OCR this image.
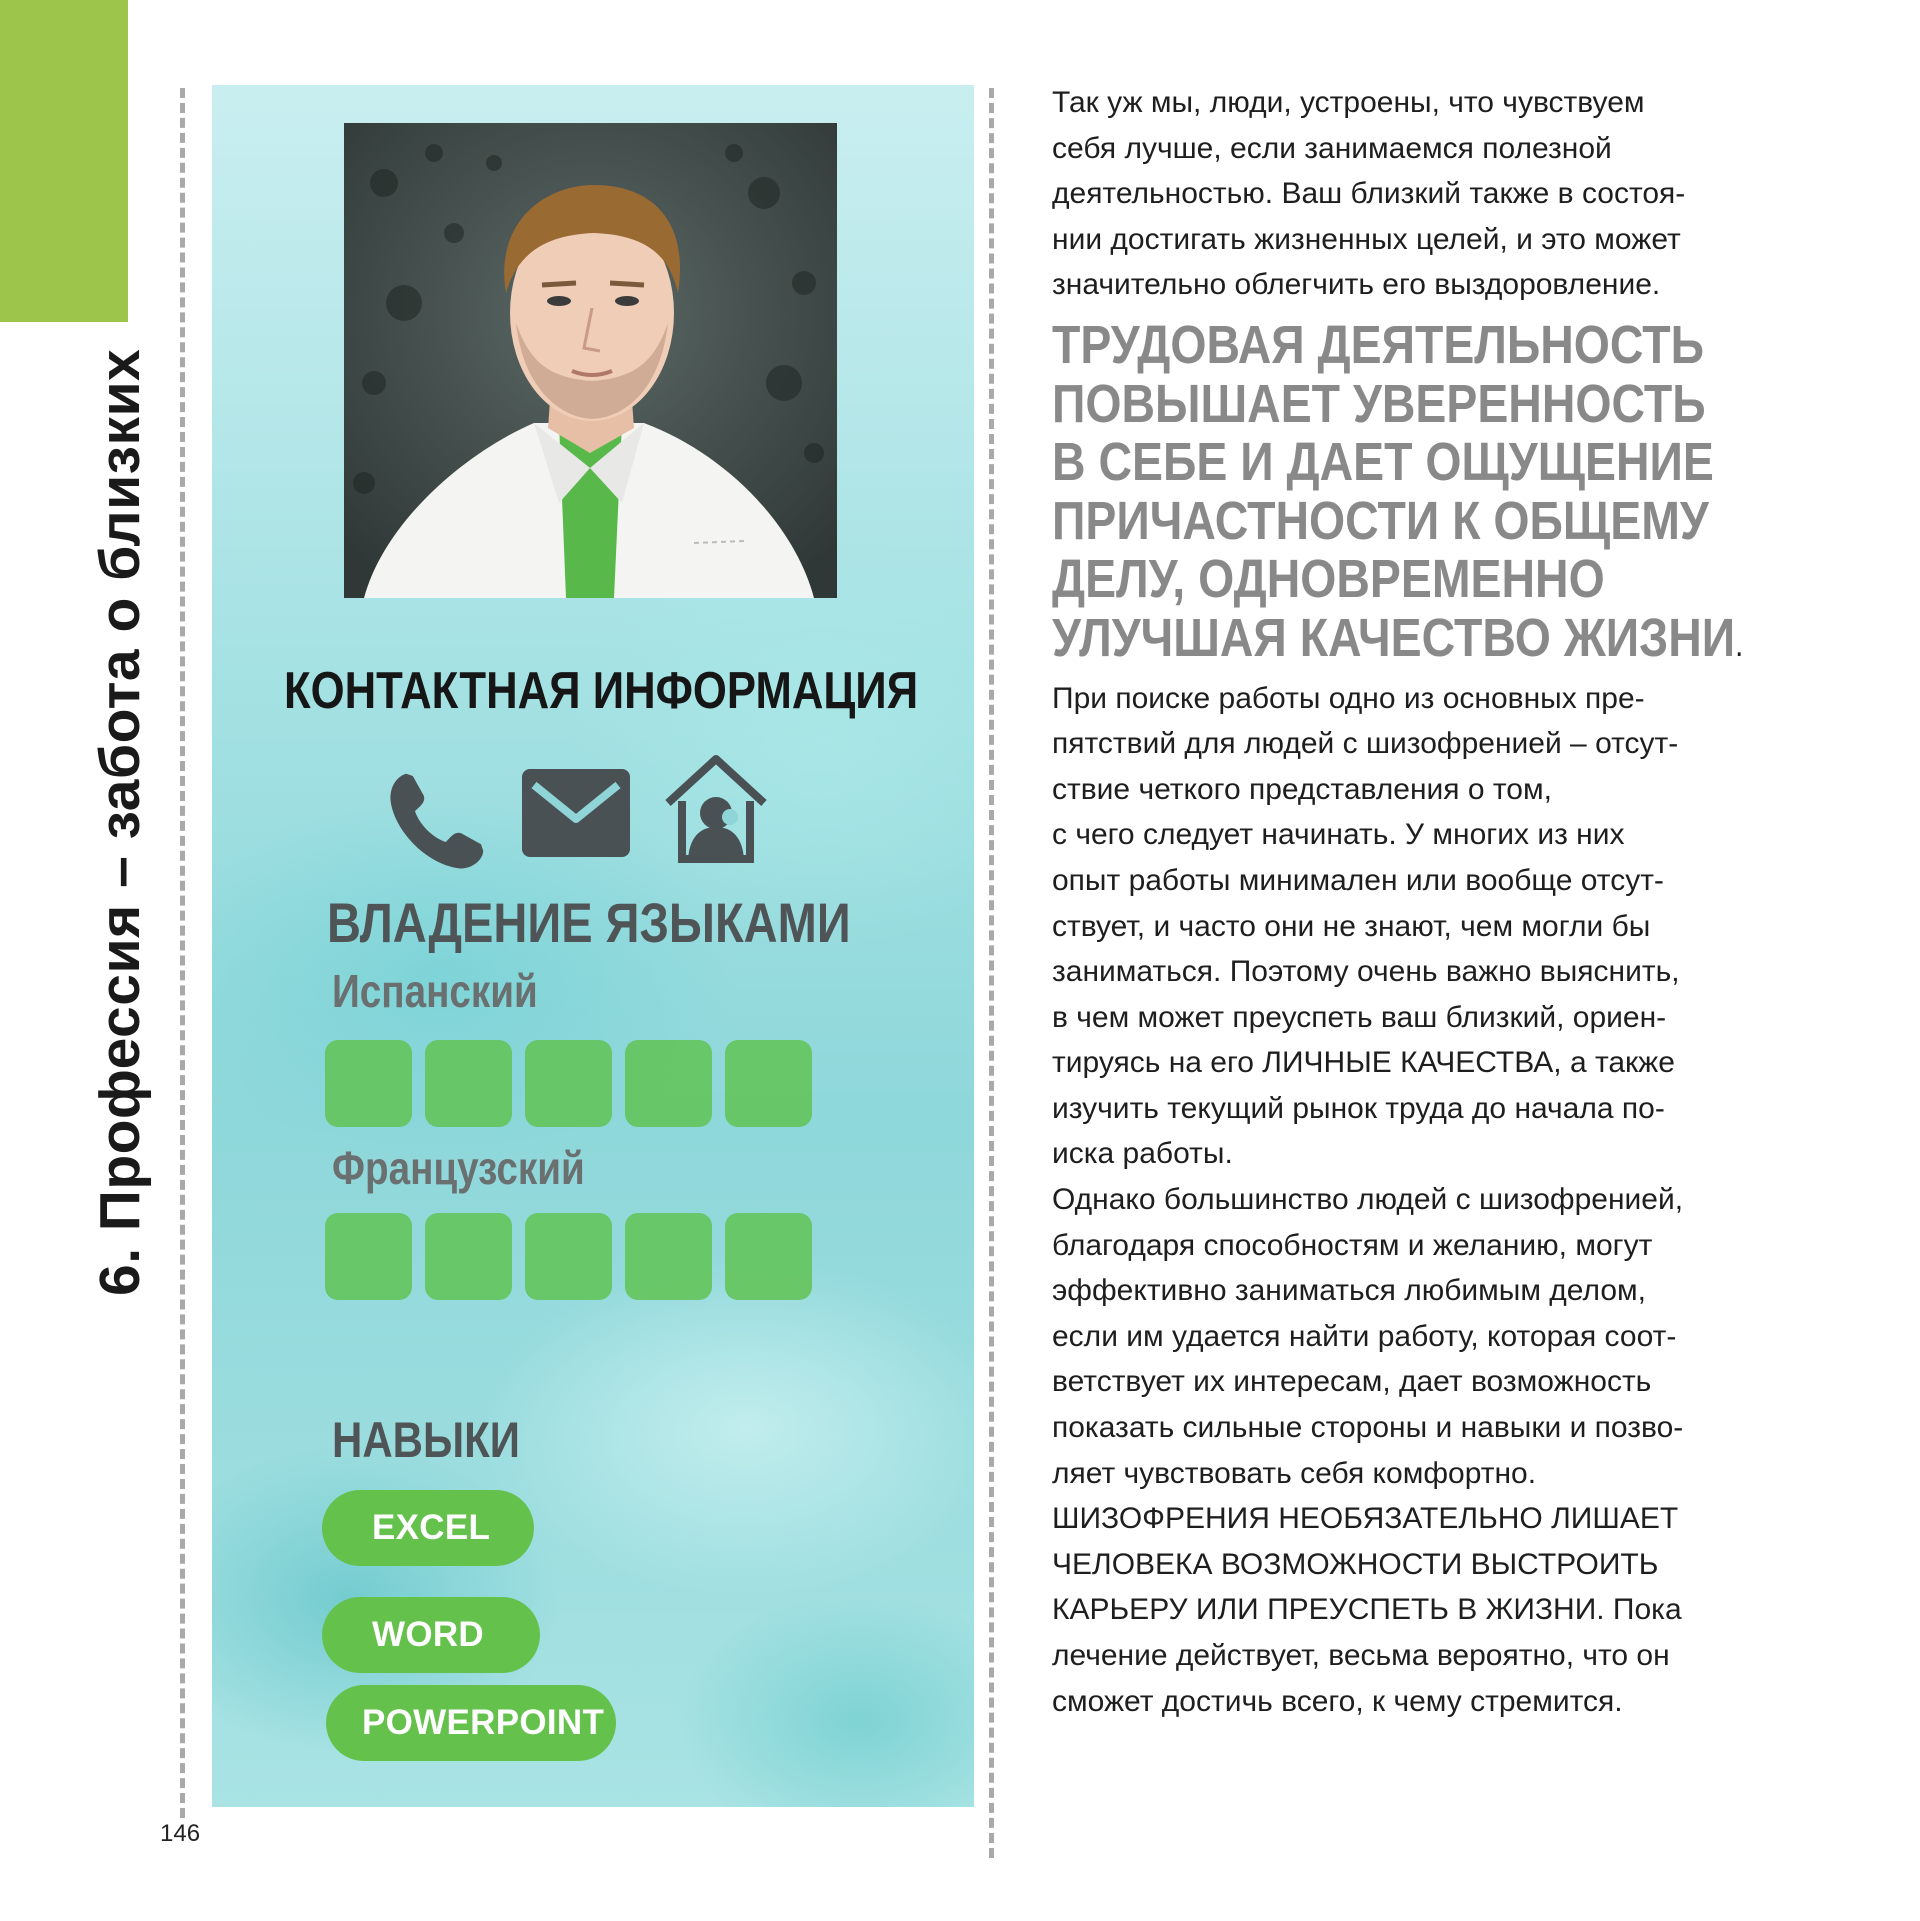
6. Профессия – забота о близких
146
КОНТАКТНАЯ ИНФОРМАЦИЯ
ВЛАДЕНИЕ ЯЗЫКАМИ
Испанский
Французский
НАВЫКИ
EXCEL
WORD
POWERPOINT
Так уж мы, люди, устроены, что чувствуем
себя лучше, если занимаемся полезной
деятельностью. Ваш близкий также в состоя-
нии достигать жизненных целей, и это может
значительно облегчить его выздоровление.
ТРУДОВАЯ ДЕЯТЕЛЬНОСТЬ
ПОВЫШАЕТ УВЕРЕННОСТЬ
В СЕБЕ И ДАЕТ ОЩУЩЕНИЕ
ПРИЧАСТНОСТИ К ОБЩЕМУ
ДЕЛУ, ОДНОВРЕМЕННО
УЛУЧШАЯ КАЧЕСТВО ЖИЗНИ.
При поиске работы одно из основных пре-
пятствий для людей с шизофренией – отсут-
ствие четкого представления о том,
с чего следует начинать. У многих из них
опыт работы минимален или вообще отсут-
ствует, и часто они не знают, чем могли бы
заниматься. Поэтому очень важно выяснить,
в чем может преуспеть ваш близкий, ориен-
тируясь на его ЛИЧНЫЕ КАЧЕСТВА, а также
изучить текущий рынок труда до начала по-
иска работы.
Однако большинство людей с шизофренией,
благодаря способностям и желанию, могут
эффективно заниматься любимым делом,
если им удается найти работу, которая соот-
ветствует их интересам, дает возможность
показать сильные стороны и навыки и позво-
ляет чувствовать себя комфортно.
ШИЗОФРЕНИЯ НЕОБЯЗАТЕЛЬНО ЛИШАЕТ
ЧЕЛОВЕКА ВОЗМОЖНОСТИ ВЫСТРОИТЬ
КАРЬЕРУ ИЛИ ПРЕУСПЕТЬ В ЖИЗНИ. Пока
лечение действует, весьма вероятно, что он
сможет достичь всего, к чему стремится.
